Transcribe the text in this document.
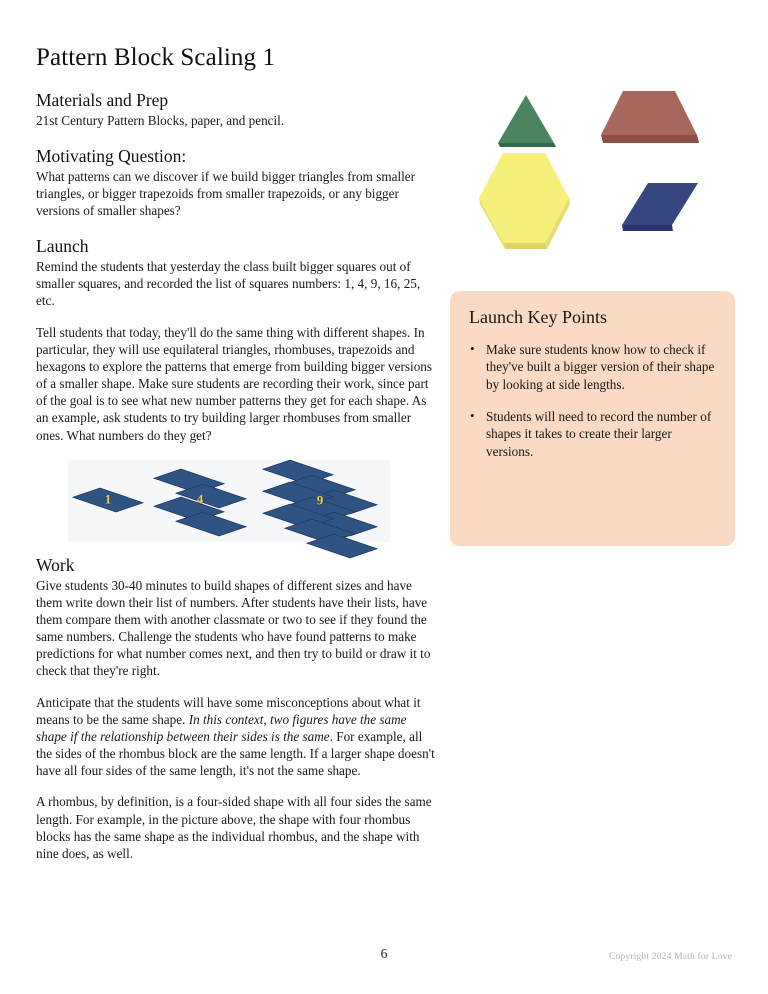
Pattern Block Scaling 1
Materials and Prep

21st Century Pattern Blocks, paper, and pencil.

Motivating Question:

What patterns can we discover if we build bigger triangles from smaller triangles, or bigger trapezoids from smaller trapezoids, or any bigger versions of smaller shapes?

Launch

Remind the students that yesterday the class built bigger squares out of smaller squares, and recorded the list of squares numbers: 1, 4, 9, 16, 25, etc.

Tell students that today, they'll do the same thing with different shapes. In particular, they will use equilateral triangles, rhombuses, trapezoids and hexagons to explore the patterns that emerge from building bigger versions of a smaller shape. Make sure students are recording their work, since part of the goal is to see what new number patterns they get for each shape. As an example, ask students to try building larger rhombuses from smaller ones. What numbers do they get?

1	4	9
Work

Give students 30-40 minutes to build shapes of different sizes and have them write down their list of numbers. After students have their lists, have them compare them with another classmate or two to see if they found the same numbers. Challenge the students who have found patterns to make predictions for what number comes next, and then try to build or draw it to check that they're right.

Anticipate that the students will have some misconceptions about what it means to be the same shape. In this context, two figures have the same shape if the relationship between their sides is the same. For example, all the sides of the rhombus block are the same length. If a larger shape doesn't have all four sides of the same length, it's not the same shape.

A rhombus, by definition, is a four-sided shape with all four sides the same length. For example, in the picture above, the shape with four rhombus blocks has the same shape as the individual rhombus, and the shape with nine does, as well.

Launch Key Points
• Make sure students know how to check if they've built a bigger version of their shape by looking at side lengths.
• Students will need to record the number of shapes it takes to create their larger versions.
6	Copyright 2024 Math for Love
